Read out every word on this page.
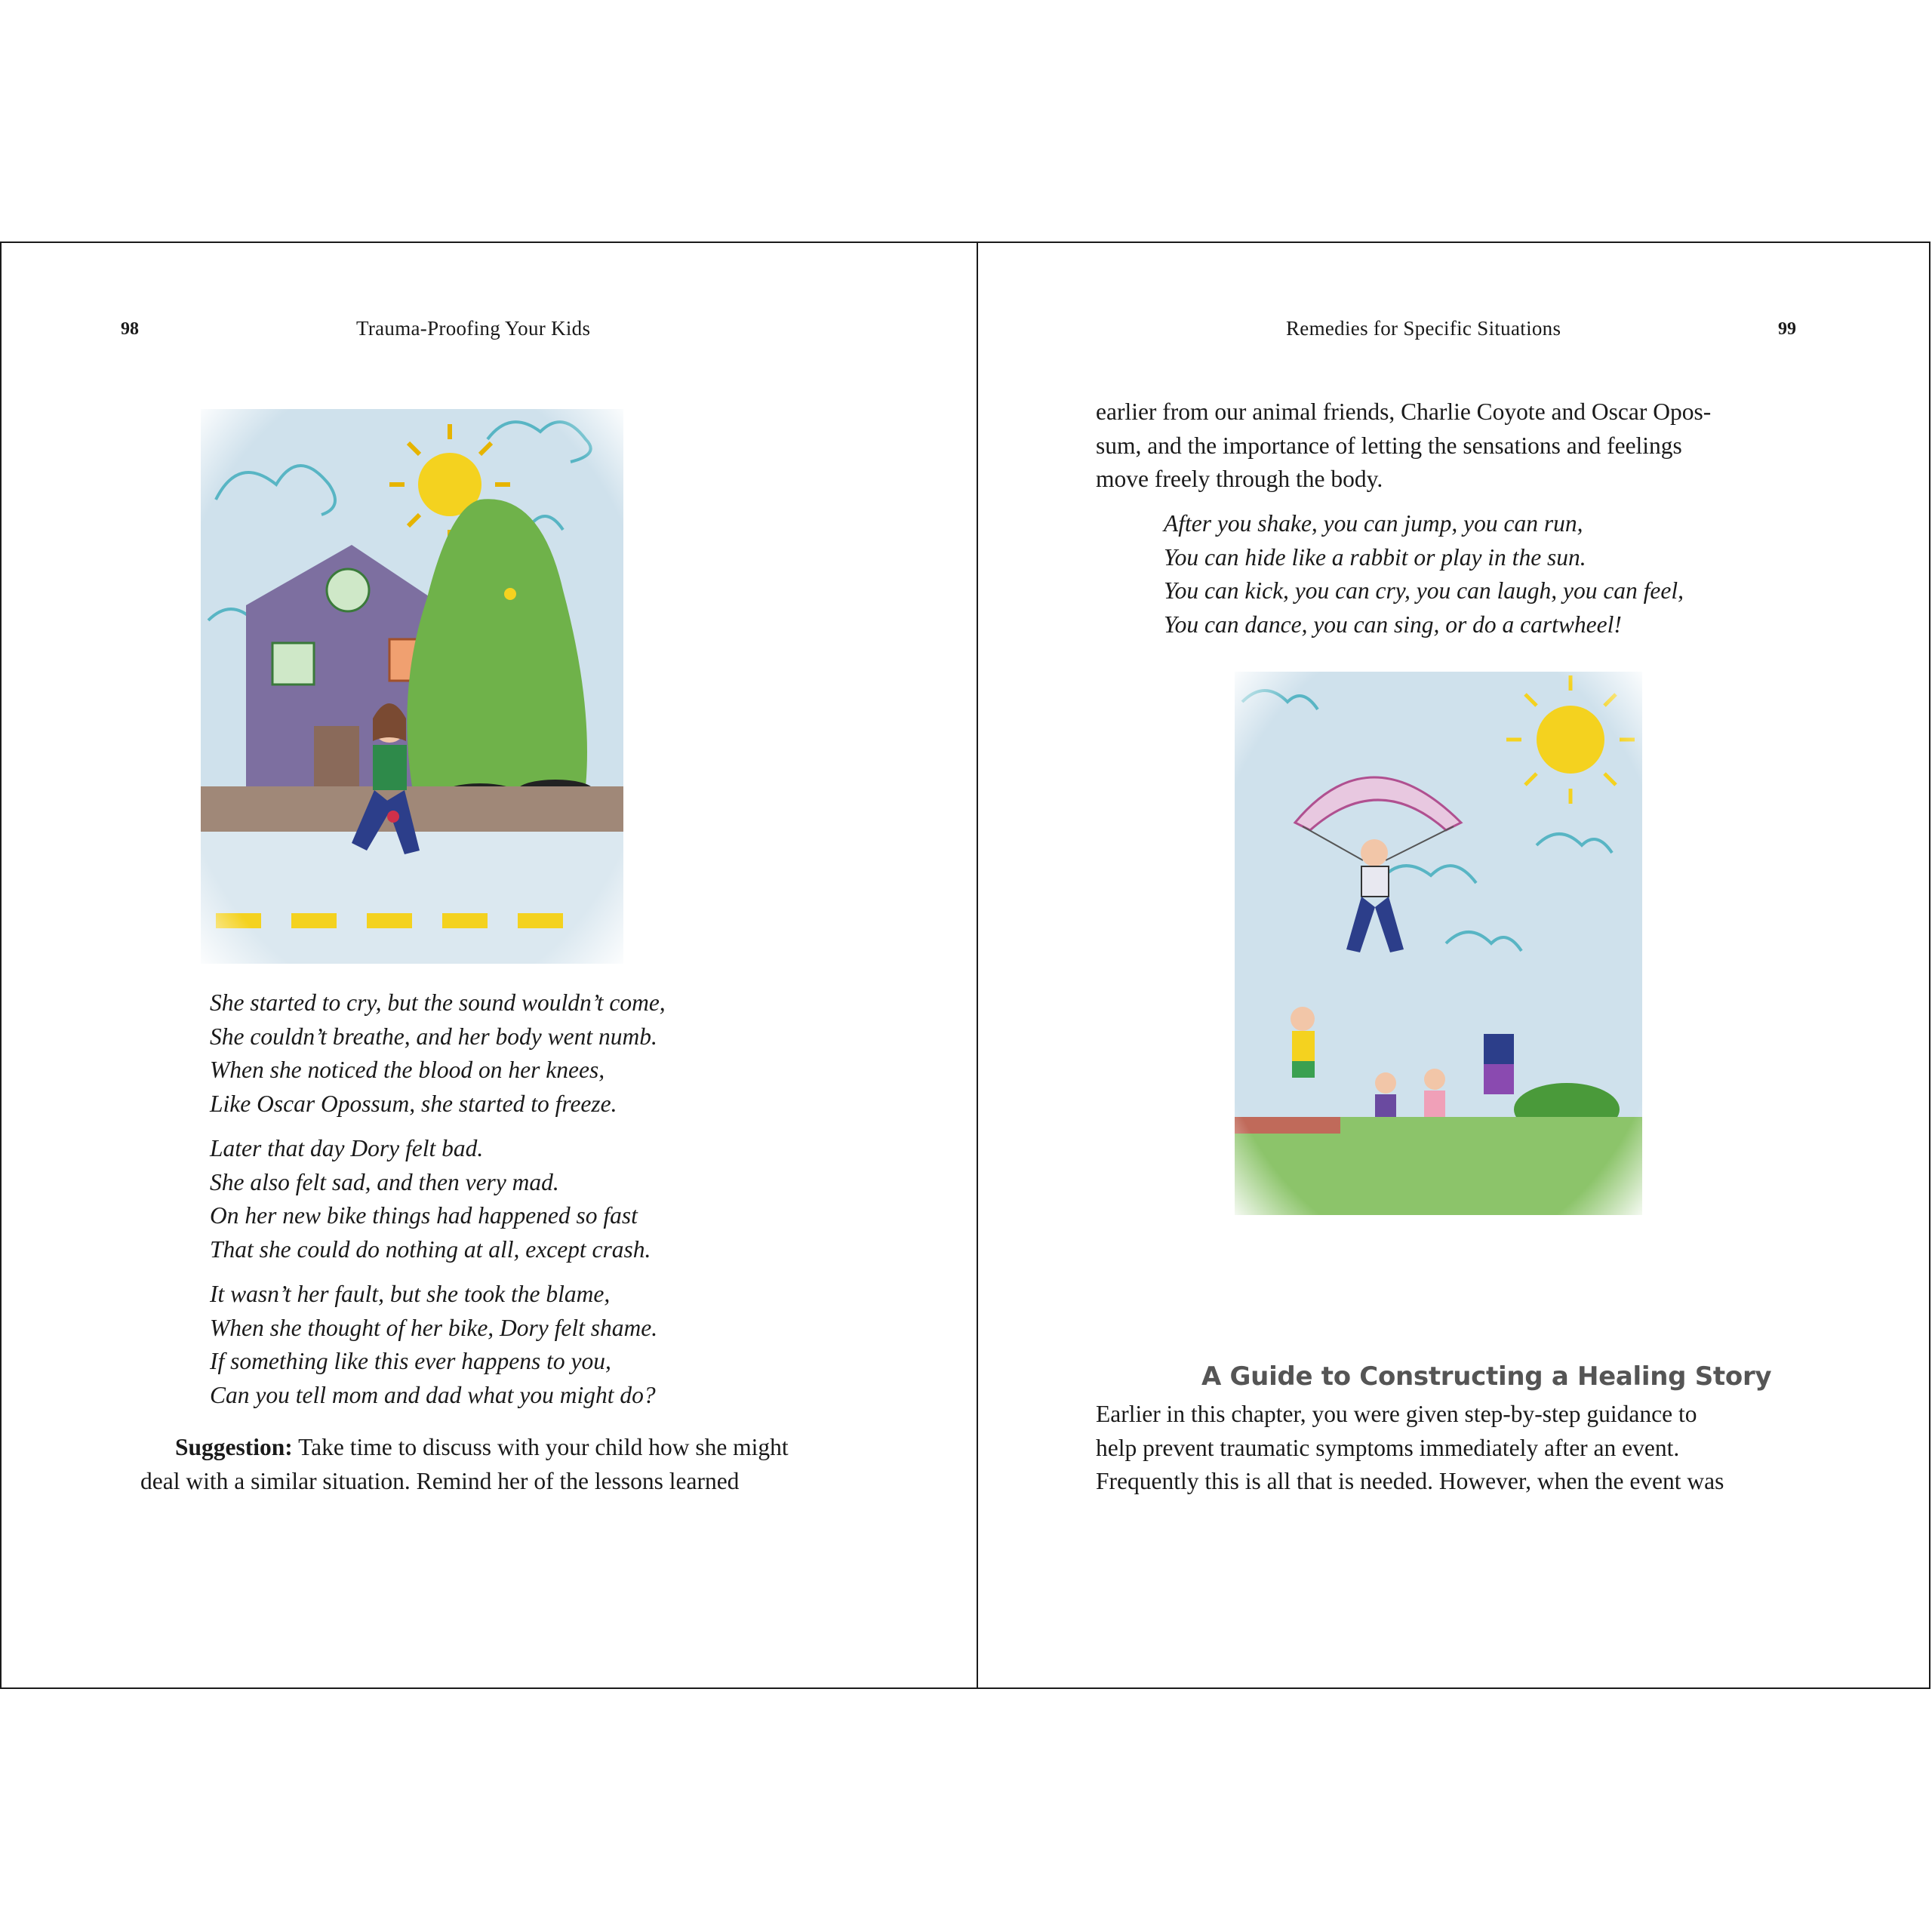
98	Trauma-Proofing Your Kids
She started to cry, but the sound wouldn’t come,
She couldn’t breathe, and her body went numb.
When she noticed the blood on her knees,
Like Oscar Opossum, she started to freeze.
Later that day Dory felt bad.
She also felt sad, and then very mad.
On her new bike things had happened so fast
That she could do nothing at all, except crash.
It wasn’t her fault, but she took the blame,
When she thought of her bike, Dory felt shame.
If something like this ever happens to you,
Can you tell mom and dad what you might do?
Suggestion: Take time to discuss with your child how she might
deal with a similar situation. Remind her of the lessons learned
Remedies for Specific Situations	99
earlier from our animal friends, Charlie Coyote and Oscar Opos-
sum, and the importance of letting the sensations and feelings
move freely through the body.
After you shake, you can jump, you can run,
You can hide like a rabbit or play in the sun.
You can kick, you can cry, you can laugh, you can feel,
You can dance, you can sing, or do a cartwheel!
A Guide to Constructing a Healing Story
Earlier in this chapter, you were given step-by-step guidance to
help prevent traumatic symptoms immediately after an event.
Frequently this is all that is needed. However, when the event was
